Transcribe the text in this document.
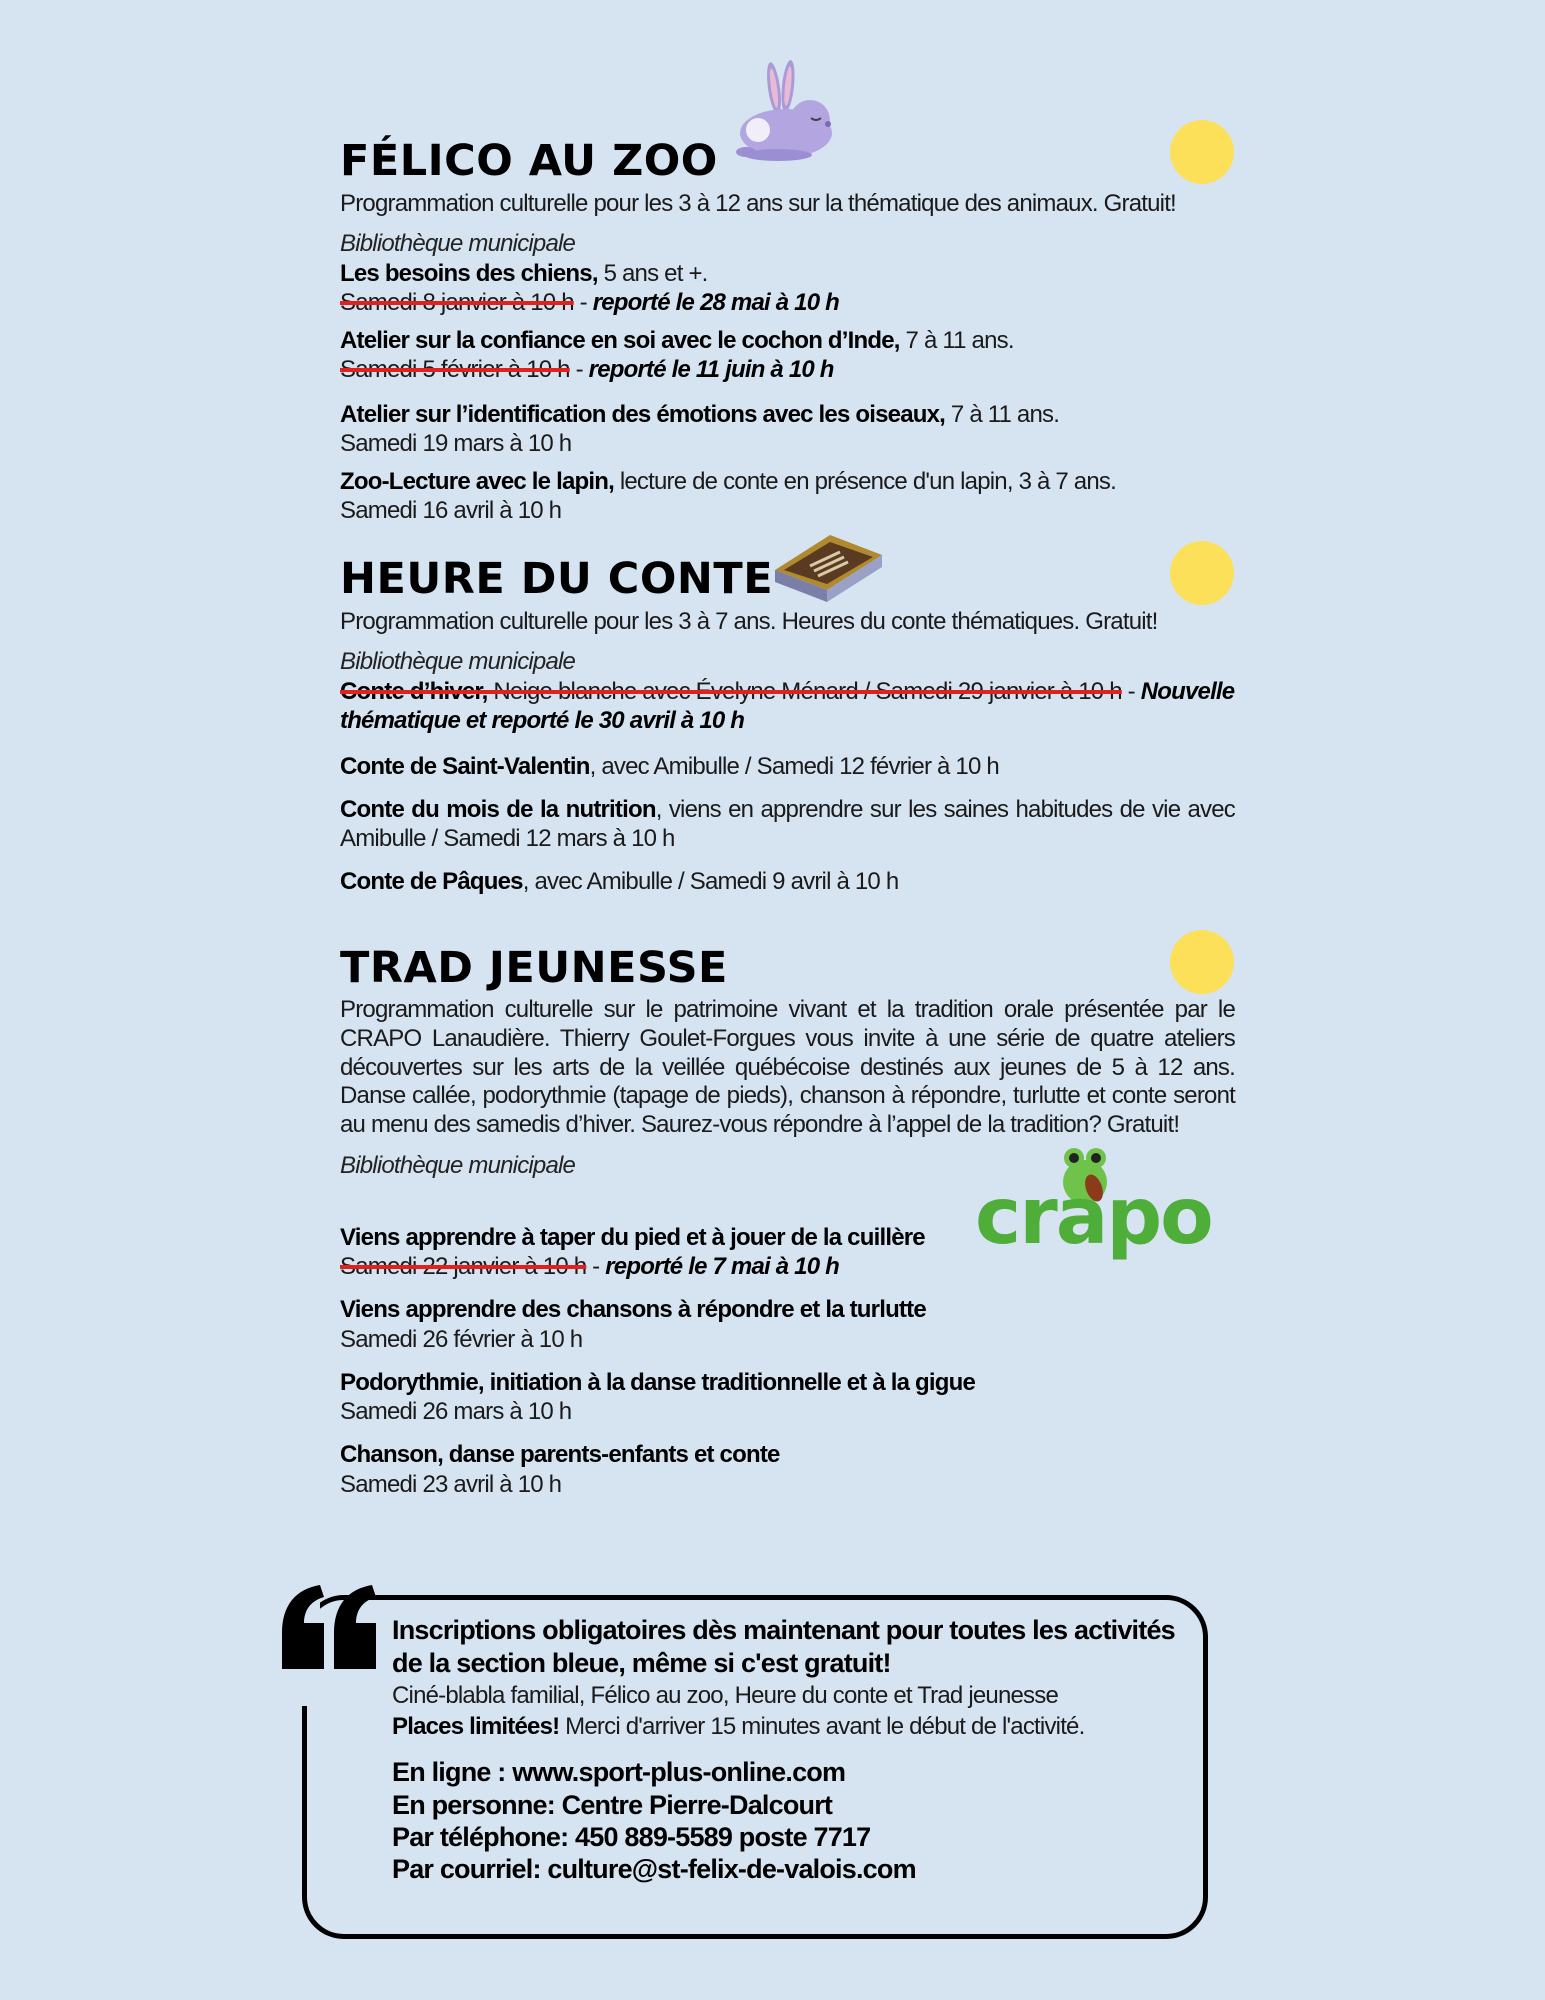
crapo
FÉLICO AU ZOO

Programmation culturelle pour les 3 à 12 ans sur la thématique des animaux. Gratuit!

Bibliothèque municipale
Les besoins des chiens, 5 ans et +.
Samedi 8 janvier à 10 h - reporté le 28 mai à 10 h
Atelier sur la confiance en soi avec le cochon d’Inde, 7 à 11 ans.
Samedi 5 février à 10 h - reporté le 11 juin à 10 h
Atelier sur l’identification des émotions avec les oiseaux, 7 à 11 ans.
Samedi 19 mars à 10 h
Zoo-Lecture avec le lapin, lecture de conte en présence d'un lapin, 3 à 7 ans.
Samedi 16 avril à 10 h
HEURE DU CONTE

Programmation culturelle pour les 3 à 7 ans. Heures du conte thématiques. Gratuit!

Bibliothèque municipale
Conte d’hiver, Neige blanche avec Évelyne Ménard / Samedi 29 janvier à 10 h - Nouvelle thématique et reporté le 30 avril à 10 h
Conte de Saint-Valentin, avec Amibulle / Samedi 12 février à 10 h
Conte du mois de la nutrition, viens en apprendre sur les saines habitudes de vie avec Amibulle / Samedi 12 mars à 10 h
Conte de Pâques, avec Amibulle / Samedi 9 avril à 10 h
TRAD JEUNESSE

Programmation culturelle sur le patrimoine vivant et la tradition orale présentée par le CRAPO Lanaudière. Thierry Goulet-Forgues vous invite à une série de quatre ateliers découvertes sur les arts de la veillée québécoise destinés aux jeunes de 5 à 12 ans. Danse callée, podorythmie (tapage de pieds), chanson à répondre, turlutte et conte seront au menu des samedis d’hiver. Saurez-vous répondre à l’appel de la tradition? Gratuit!

Bibliothèque municipale
Viens apprendre à taper du pied et à jouer de la cuillère
Samedi 22 janvier à 10 h - reporté le 7 mai à 10 h
Viens apprendre des chansons à répondre et la turlutte
Samedi 26 février à 10 h
Podorythmie, initiation à la danse traditionnelle et à la gigue
Samedi 26 mars à 10 h
Chanson, danse parents-enfants et conte
Samedi 23 avril à 10 h
Inscriptions obligatoires dès maintenant pour toutes les activités de la section bleue, même si c'est gratuit!
Ciné-blabla familial, Félico au zoo, Heure du conte et Trad jeunesse
Places limitées! Merci d'arriver 15 minutes avant le début de l'activité.
En ligne : www.sport-plus-online.com
En personne: Centre Pierre-Dalcourt
Par téléphone: 450 889-5589 poste 7717
Par courriel: culture@st-felix-de-valois.com
